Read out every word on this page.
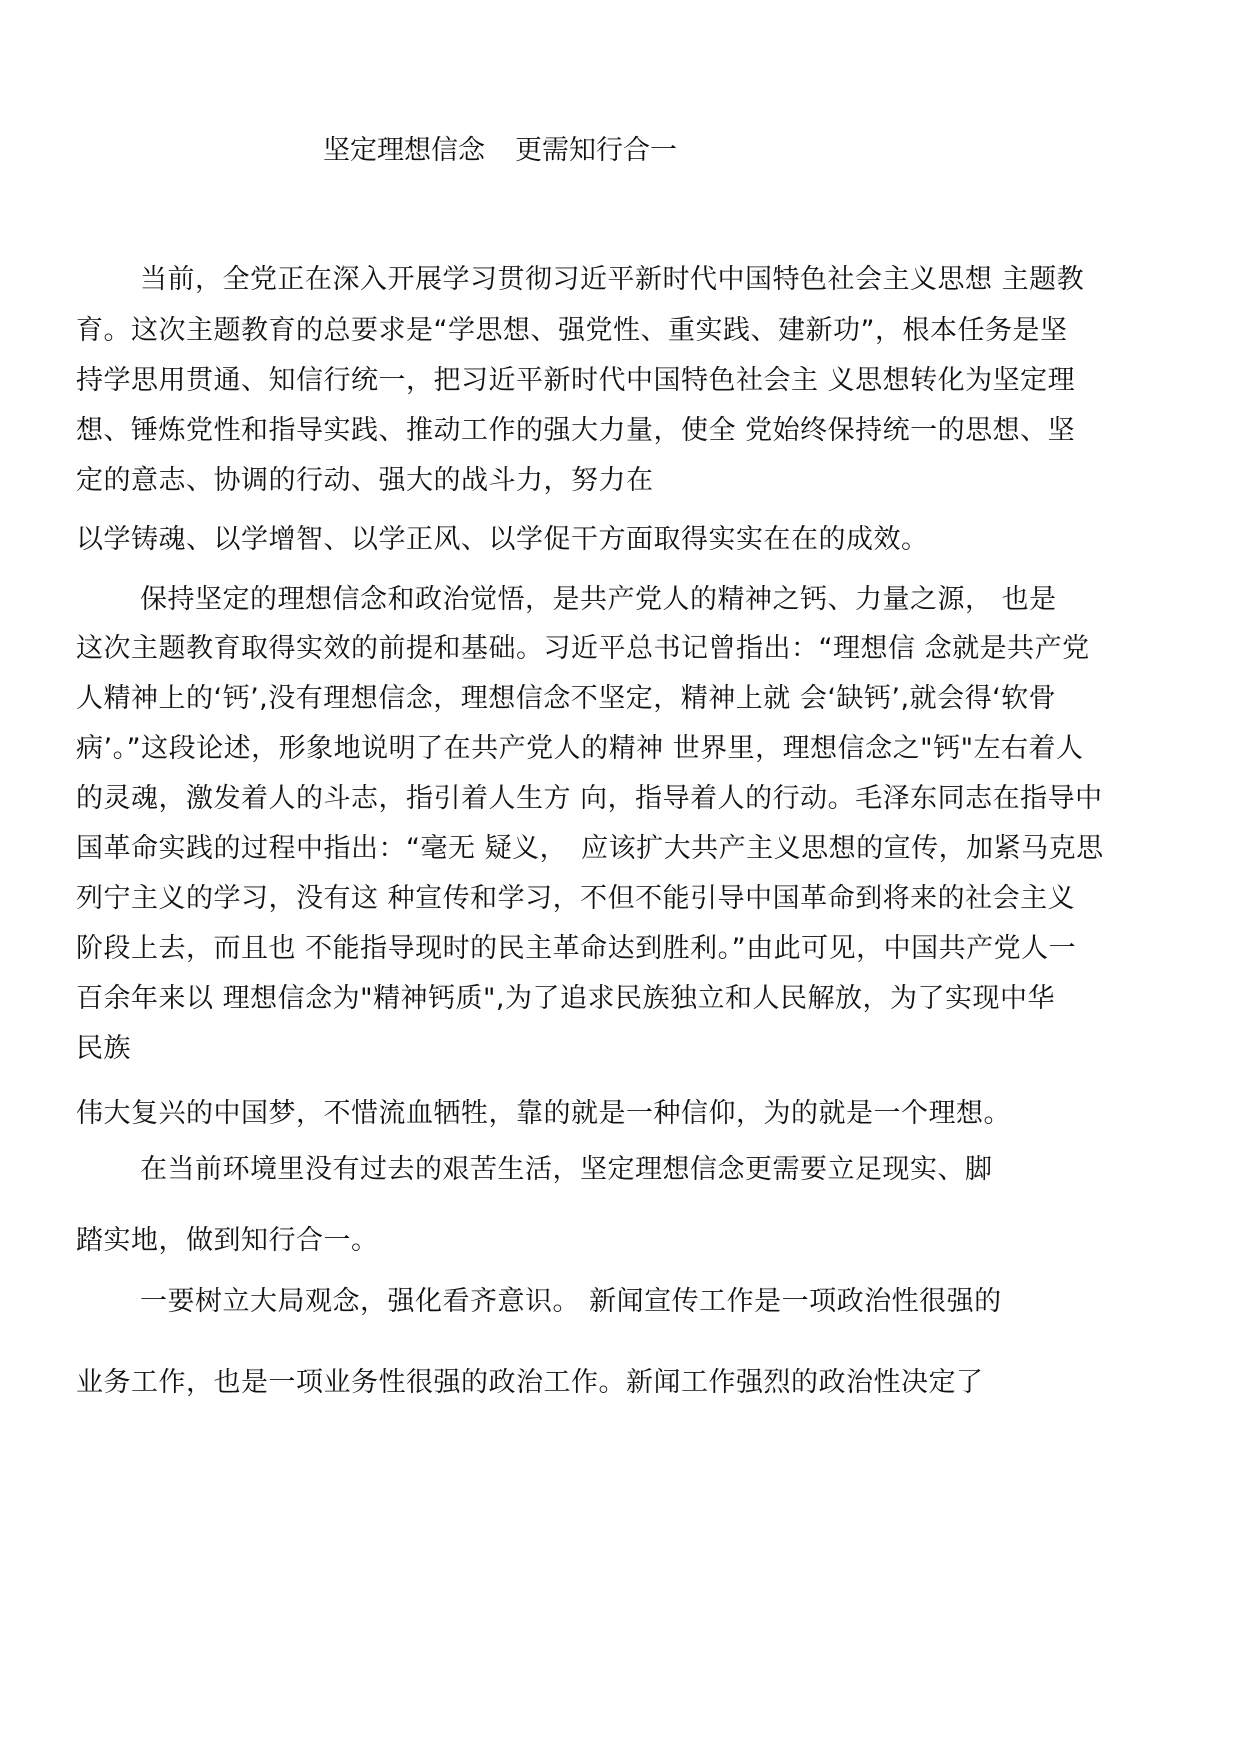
坚定理想信念 更需知行合一
当前，全党正在深入开展学习贯彻习近平新时代中国特色社会主义思想 主题教
育。这次主题教育的总要求是“学思想、强党性、重实践、建新功”，根本任务是坚
持学思用贯通、知信行统一，把习近平新时代中国特色社会主 义思想转化为坚定理
想、锤炼党性和指导实践、推动工作的强大力量，使全 党始终保持统一的思想、坚
定的意志、协调的行动、强大的战斗力，努力在
以学铸魂、以学增智、以学正风、以学促干方面取得实实在在的成效。
保持坚定的理想信念和政治觉悟，是共产党人的精神之钙、力量之源， 也是
这次主题教育取得实效的前提和基础。习近平总书记曾指出：“理想信 念就是共产党
人精神上的‘钙’,没有理想信念，理想信念不坚定，精神上就 会‘缺钙’,就会得‘软骨
病’。”这段论述，形象地说明了在共产党人的精神 世界里，理想信念之"钙"左右着人
的灵魂，激发着人的斗志，指引着人生方 向，指导着人的行动。毛泽东同志在指导中
国革命实践的过程中指出：“毫无 疑义，　应该扩大共产主义思想的宣传，加紧马克思
列宁主义的学习，没有这 种宣传和学习，不但不能引导中国革命到将来的社会主义
阶段上去，而且也 不能指导现时的民主革命达到胜利。”由此可见，中国共产党人一
百余年来以 理想信念为"精神钙质",为了追求民族独立和人民解放，为了实现中华
民族
伟大复兴的中国梦，不惜流血牺牲，靠的就是一种信仰，为的就是一个理想。
在当前环境里没有过去的艰苦生活，坚定理想信念更需要立足现实、脚
踏实地，做到知行合一。
一要树立大局观念，强化看齐意识。 新闻宣传工作是一项政治性很强的
业务工作，也是一项业务性很强的政治工作。新闻工作强烈的政治性决定了
